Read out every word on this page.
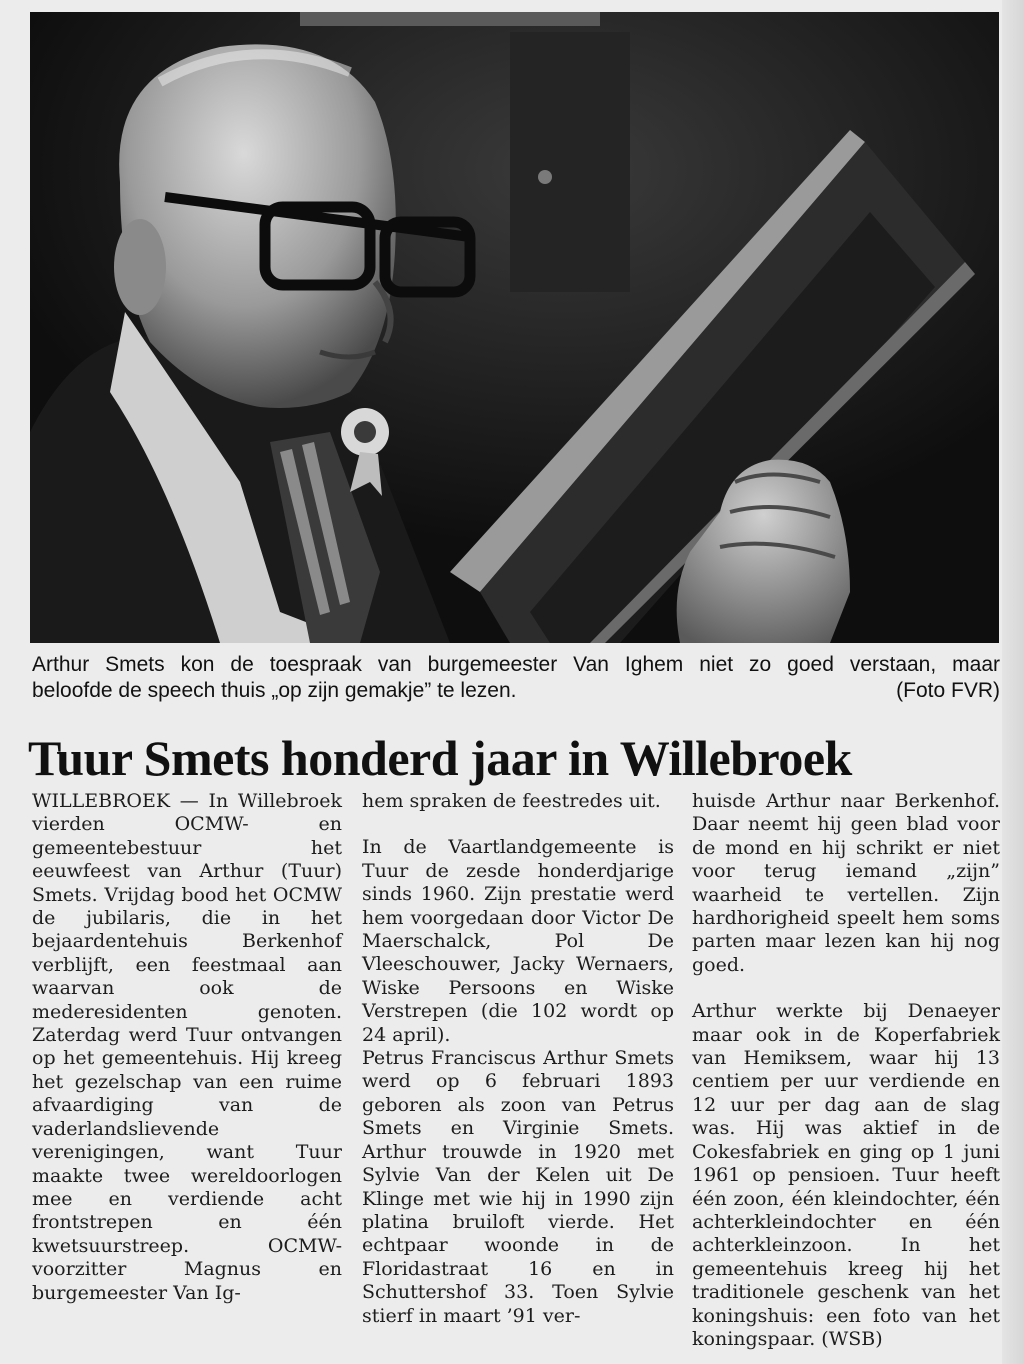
Arthur Smets kon de toespraak van burgemeester Van Ighem niet zo goed verstaan, maar
beloofde de speech thuis „op zijn gemakje” te lezen.	(Foto FVR)
Tuur Smets honderd jaar in Willebroek

WILLEBROEK — In Willebroek vierden OCMW- en gemeentebestuur het eeuwfeest van Arthur (Tuur) Smets. Vrijdag bood het OCMW de jubilaris, die in het bejaardentehuis Berkenhof verblijft, een feestmaal aan waarvan ook de mederesidenten genoten. Zaterdag werd Tuur ontvangen op het gemeentehuis. Hij kreeg het gezelschap van een ruime afvaardiging van de vaderlandslievende verenigingen, want Tuur maakte twee wereldoorlogen mee en verdiende acht frontstrepen en één kwetsuurstreep. OCMW-voorzitter Magnus en burgemeester Van Ig-

hem spraken de feestredes uit.

In de Vaartlandgemeente is Tuur de zesde honderdjarige sinds 1960. Zijn prestatie werd hem voorgedaan door Victor De Maerschalck, Pol De Vleeschouwer, Jacky Wernaers, Wiske Persoons en Wiske Verstrepen (die 102 wordt op 24 april).

Petrus Franciscus Arthur Smets werd op 6 februari 1893 geboren als zoon van Petrus Smets en Virginie Smets. Arthur trouwde in 1920 met Sylvie Van der Kelen uit De Klinge met wie hij in 1990 zijn platina bruiloft vierde. Het echtpaar woonde in de Floridastraat 16 en in Schuttershof 33. Toen Sylvie stierf in maart ’91 ver-

huisde Arthur naar Berkenhof. Daar neemt hij geen blad voor de mond en hij schrikt er niet voor terug iemand „zijn” waarheid te vertellen. Zijn hardhorigheid speelt hem soms parten maar lezen kan hij nog goed.

Arthur werkte bij Denaeyer maar ook in de Koperfabriek van Hemiksem, waar hij 13 centiem per uur verdiende en 12 uur per dag aan de slag was. Hij was aktief in de Cokesfabriek en ging op 1 juni 1961 op pensioen. Tuur heeft één zoon, één kleindochter, één achterkleindochter en één achterkleinzoon. In het gemeentehuis kreeg hij het traditionele geschenk van het koningshuis: een foto van het koningspaar. (WSB)
